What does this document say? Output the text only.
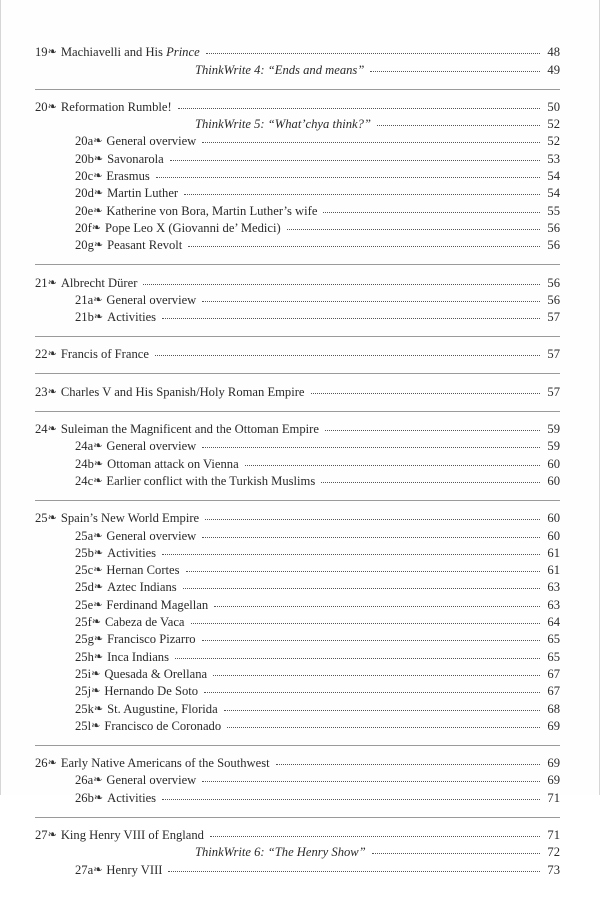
19 ❧ Machiavelli and His Prince	48
ThinkWrite 4: “Ends and means”	49
20 ❧ Reformation Rumble!	50
ThinkWrite 5: “What’chya think?”	52
20a ❧ General overview	52
20b ❧ Savonarola	53
20c ❧ Erasmus	54
20d ❧ Martin Luther	54
20e ❧ Katherine von Bora, Martin Luther’s wife	55
20f ❧ Pope Leo X (Giovanni de’ Medici)	56
20g ❧ Peasant Revolt	56
21 ❧ Albrecht Dürer	56
21a ❧ General overview	56
21b ❧ Activities	57
22 ❧ Francis of France	57
23 ❧ Charles V and His Spanish/Holy Roman Empire	57
24 ❧ Suleiman the Magnificent and the Ottoman Empire	59
24a ❧ General overview	59
24b ❧ Ottoman attack on Vienna	60
24c ❧ Earlier conflict with the Turkish Muslims	60
25 ❧ Spain’s New World Empire	60
25a ❧ General overview	60
25b ❧ Activities	61
25c ❧ Hernan Cortes	61
25d ❧ Aztec Indians	63
25e ❧ Ferdinand Magellan	63
25f ❧ Cabeza de Vaca	64
25g ❧ Francisco Pizarro	65
25h ❧ Inca Indians	65
25i ❧ Quesada & Orellana	67
25j ❧ Hernando De Soto	67
25k ❧ St. Augustine, Florida	68
25l ❧ Francisco de Coronado	69
26 ❧ Early Native Americans of the Southwest	69
26a ❧ General overview	69
26b ❧ Activities	71
27 ❧ King Henry VIII of England	71
ThinkWrite 6: “The Henry Show”	72
27a ❧ Henry VIII	73
